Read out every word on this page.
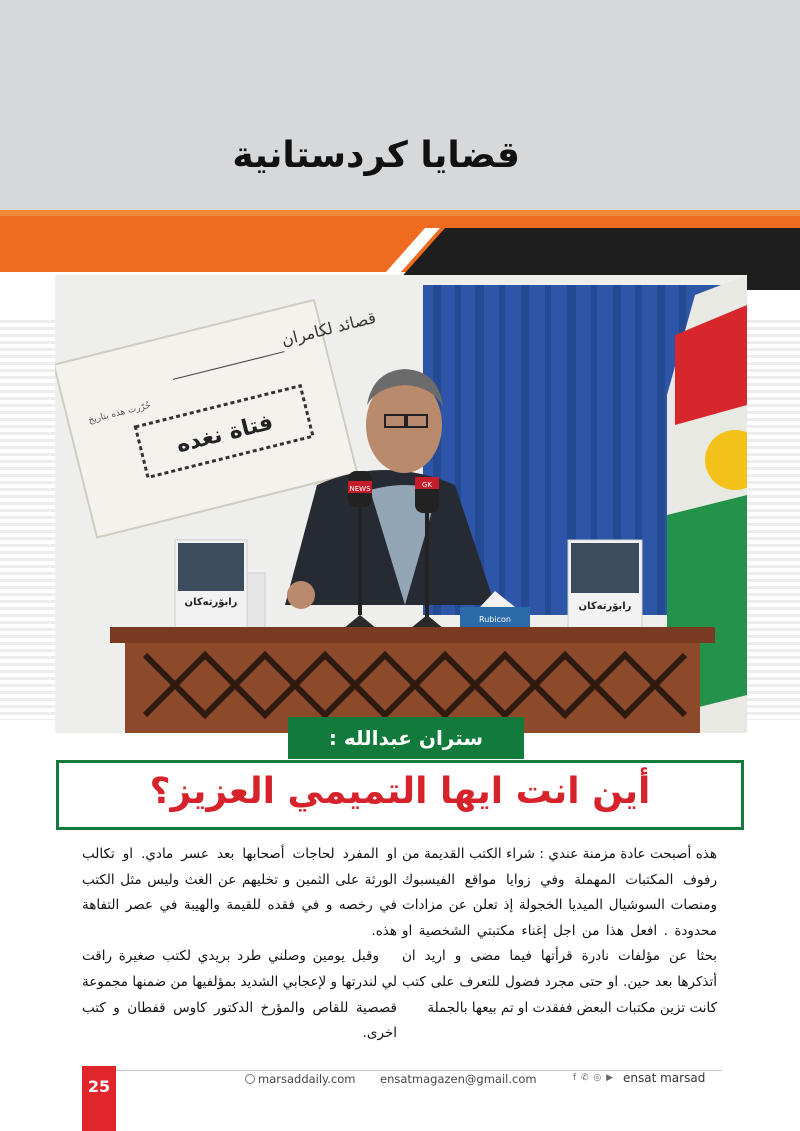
قضايا كردستانية
قصائد لكامران
فتاة نغده
حُرّرت هذه بتاريخ
NEWS	GK
Rubicon
رابۆرتەكان	رابۆرتەكان
ستران عبدالله :
أين انت ايها التميمي العزيز؟

هذه أصبحت عادة مزمنة عندي : شراء الكتب القديمة من رفوف المكتبات المهملة وفي زوايا مواقع الفيسبوك ومنصات السوشيال الميديا الخجولة إذ تعلن عن مزادات محدودة . افعل هذا من اجل إغناء مكتبتي الشخصية او بحثا عن مؤلفات نادرة قرأتها فيما مضى و اريد ان أتذكرها بعد حين. او حتى مجرد فضول للتعرف على كتب كانت تزين مكتبات البعض ففقدت او تم بيعها بالجملة

او المفرد لحاجات أصحابها بعد عسر مادي. او تكالب الورثة على الثمين و تخليهم عن الغث وليس مثل الكتب في رخصه و في فقده للقيمة والهيبة في عصر التفاهة هذه.

وقبل يومين وصلني طرد بريدي لكتب صغيرة راقت لي لندرتها و لإعجابي الشديد بمؤلفيها من ضمنها مجموعة قصصية للقاص والمؤرخ الدكتور كاوس قفطان و كتب اخرى.

25	marsaddaily.com ensatmagazen@gmail.com	f ✆ ◎ ▶ ensat marsad
